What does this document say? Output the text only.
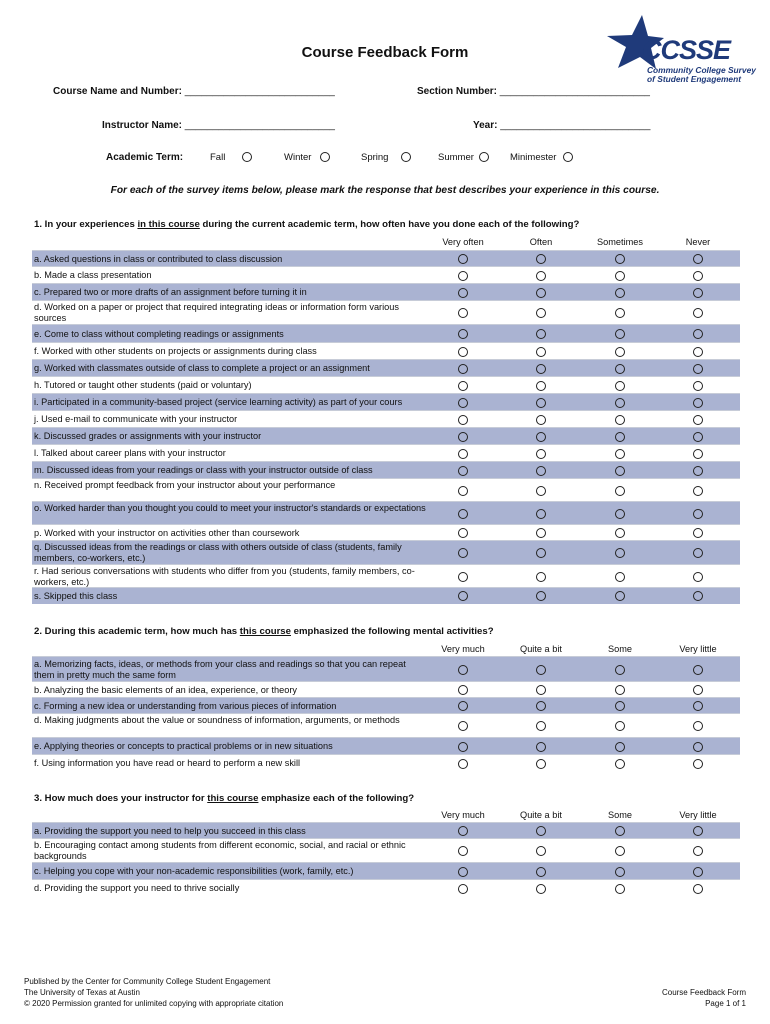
Course Feedback Form	CCSSE
Community College Survey
of Student Engagement
Course Name and Number: ___________________________	Section Number: ___________________________
Instructor Name: ___________________________	Year: ___________________________
Academic Term:	Fall	Winter	Spring	Summer	Minimester
For each of the survey items below, please mark the response that best describes your experience in this course.
1. In your experiences in this course during the current academic term, how often have you done each of the following?
Very often	Often	Sometimes	Never
a. Asked questions in class or contributed to class discussion
b. Made a class presentation
c. Prepared two or more drafts of an assignment before turning it in
d. Worked on a paper or project that required integrating ideas or information form various sources
e. Come to class without completing readings or assignments
f. Worked with other students on projects or assignments during class
g. Worked with classmates outside of class to complete a project or an assignment
h. Tutored or taught other students (paid or voluntary)
i. Participated in a community-based project (service learning activity) as part of your cours
j. Used e-mail to communicate with your instructor
k. Discussed grades or assignments with your instructor
l. Talked about career plans with your instructor
m. Discussed ideas from your readings or class with your instructor outside of class
n. Received prompt feedback from your instructor about your performance
o. Worked harder than you thought you could to meet your instructor's standards or expectations
p. Worked with your instructor on activities other than coursework
q. Discussed ideas from the readings or class with others outside of class (students, family members, co-workers, etc.)
r. Had serious conversations with students who differ from you (students, family members, co-workers, etc.)
s. Skipped this class
2. During this academic term, how much has this course emphasized the following mental activities?
Very much	Quite a bit	Some	Very little
a. Memorizing facts, ideas, or methods from your class and readings so that you can repeat them in pretty much the same form
b. Analyzing the basic elements of an idea, experience, or theory
c. Forming a new idea or understanding from various pieces of information
d. Making judgments about the value or soundness of information, arguments, or methods
e. Applying theories or concepts to practical problems or in new situations
f. Using information you have read or heard to perform a new skill
3. How much does your instructor for this course emphasize each of the following?
Very much	Quite a bit	Some	Very little
a. Providing the support you need to help you succeed in this class
b. Encouraging contact among students from different economic, social, and racial or ethnic backgrounds
c. Helping you cope with your non-academic responsibilities (work, family, etc.)
d. Providing the support you need to thrive socially
Published by the Center for Community College Student Engagement
The University of Texas at Austin
© 2020 Permission granted for unlimited copying with appropriate citation
Course Feedback Form
Page 1 of 1
